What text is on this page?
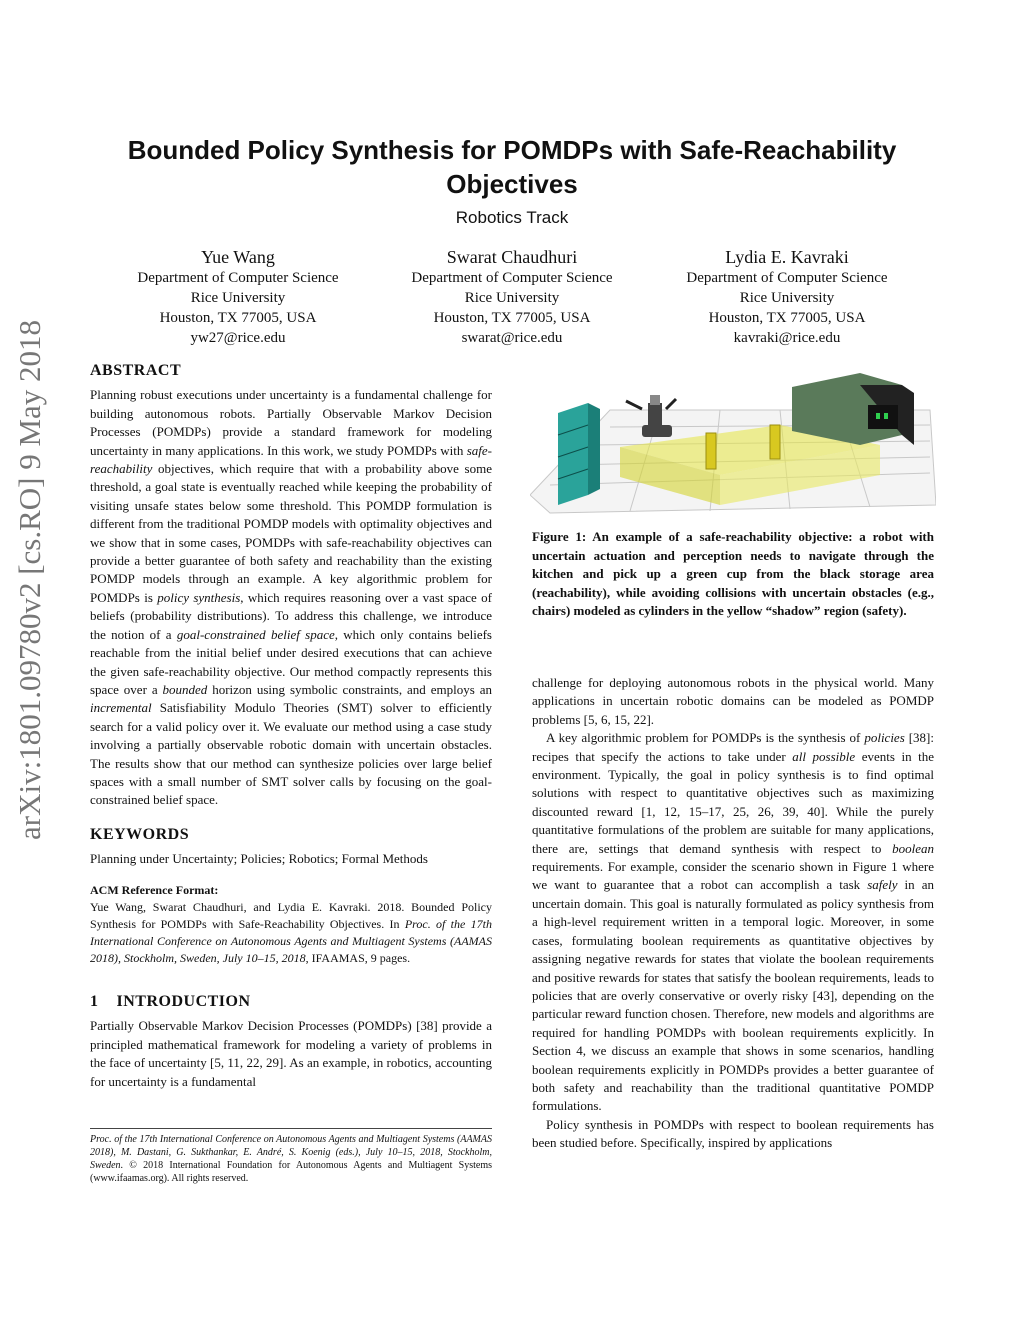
arXiv:1801.09780v2 [cs.RO] 9 May 2018
Bounded Policy Synthesis for POMDPs with Safe-Reachability
Objectives
Robotics Track
Yue Wang
Department of Computer Science
Rice University
Houston, TX 77005, USA
yw27@rice.edu
Swarat Chaudhuri
Department of Computer Science
Rice University
Houston, TX 77005, USA
swarat@rice.edu
Lydia E. Kavraki
Department of Computer Science
Rice University
Houston, TX 77005, USA
kavraki@rice.edu
ABSTRACT

Planning robust executions under uncertainty is a fundamental challenge for building autonomous robots. Partially Observable Markov Decision Processes (POMDPs) provide a standard framework for modeling uncertainty in many applications. In this work, we study POMDPs with safe-reachability objectives, which require that with a probability above some threshold, a goal state is eventually reached while keeping the probability of visiting unsafe states below some threshold. This POMDP formulation is different from the traditional POMDP models with optimality objectives and we show that in some cases, POMDPs with safe-reachability objectives can provide a better guarantee of both safety and reachability than the existing POMDP models through an example. A key algorithmic problem for POMDPs is policy synthesis, which requires reasoning over a vast space of beliefs (probability distributions). To address this challenge, we introduce the notion of a goal-constrained belief space, which only contains beliefs reachable from the initial belief under desired executions that can achieve the given safe-reachability objective. Our method compactly represents this space over a bounded horizon using symbolic constraints, and employs an incremental Satisfiability Modulo Theories (SMT) solver to efficiently search for a valid policy over it. We evaluate our method using a case study involving a partially observable robotic domain with uncertain obstacles. The results show that our method can synthesize policies over large belief spaces with a small number of SMT solver calls by focusing on the goal-constrained belief space.

KEYWORDS

Planning under Uncertainty; Policies; Robotics; Formal Methods

ACM Reference Format:

Yue Wang, Swarat Chaudhuri, and Lydia E. Kavraki. 2018. Bounded Policy Synthesis for POMDPs with Safe-Reachability Objectives. In Proc. of the 17th International Conference on Autonomous Agents and Multiagent Systems (AAMAS 2018), Stockholm, Sweden, July 10–15, 2018, IFAAMAS, 9 pages.

1    INTRODUCTION

Partially Observable Markov Decision Processes (POMDPs) [38] provide a principled mathematical framework for modeling a variety of problems in the face of uncertainty [5, 11, 22, 29]. As an example, in robotics, accounting for uncertainty is a fundamental

Proc. of the 17th International Conference on Autonomous Agents and Multiagent Systems (AAMAS 2018), M. Dastani, G. Sukthankar, E. André, S. Koenig (eds.), July 10–15, 2018, Stockholm, Sweden. © 2018 International Foundation for Autonomous Agents and Multiagent Systems (www.ifaamas.org). All rights reserved.
Figure 1: An example of a safe-reachability objective: a robot with uncertain actuation and perception needs to navigate through the kitchen and pick up a green cup from the black storage area (reachability), while avoiding collisions with uncertain obstacles (e.g., chairs) modeled as cylinders in the yellow “shadow” region (safety).

challenge for deploying autonomous robots in the physical world. Many applications in uncertain robotic domains can be modeled as POMDP problems [5, 6, 15, 22].

A key algorithmic problem for POMDPs is the synthesis of policies [38]: recipes that specify the actions to take under all possible events in the environment. Typically, the goal in policy synthesis is to find optimal solutions with respect to quantitative objectives such as maximizing discounted reward [1, 12, 15–17, 25, 26, 39, 40]. While the purely quantitative formulations of the problem are suitable for many applications, there are, settings that demand synthesis with respect to boolean requirements. For example, consider the scenario shown in Figure 1 where we want to guarantee that a robot can accomplish a task safely in an uncertain domain. This goal is naturally formulated as policy synthesis from a high-level requirement written in a temporal logic. Moreover, in some cases, formulating boolean requirements as quantitative objectives by assigning negative rewards for states that violate the boolean requirements and positive rewards for states that satisfy the boolean requirements, leads to policies that are overly conservative or overly risky [43], depending on the particular reward function chosen. Therefore, new models and algorithms are required for handling POMDPs with boolean requirements explicitly. In Section 4, we discuss an example that shows in some scenarios, handling boolean requirements explicitly in POMDPs provides a better guarantee of both safety and reachability than the traditional quantitative POMDP formulations.

Policy synthesis in POMDPs with respect to boolean requirements has been studied before. Specifically, inspired by applications
